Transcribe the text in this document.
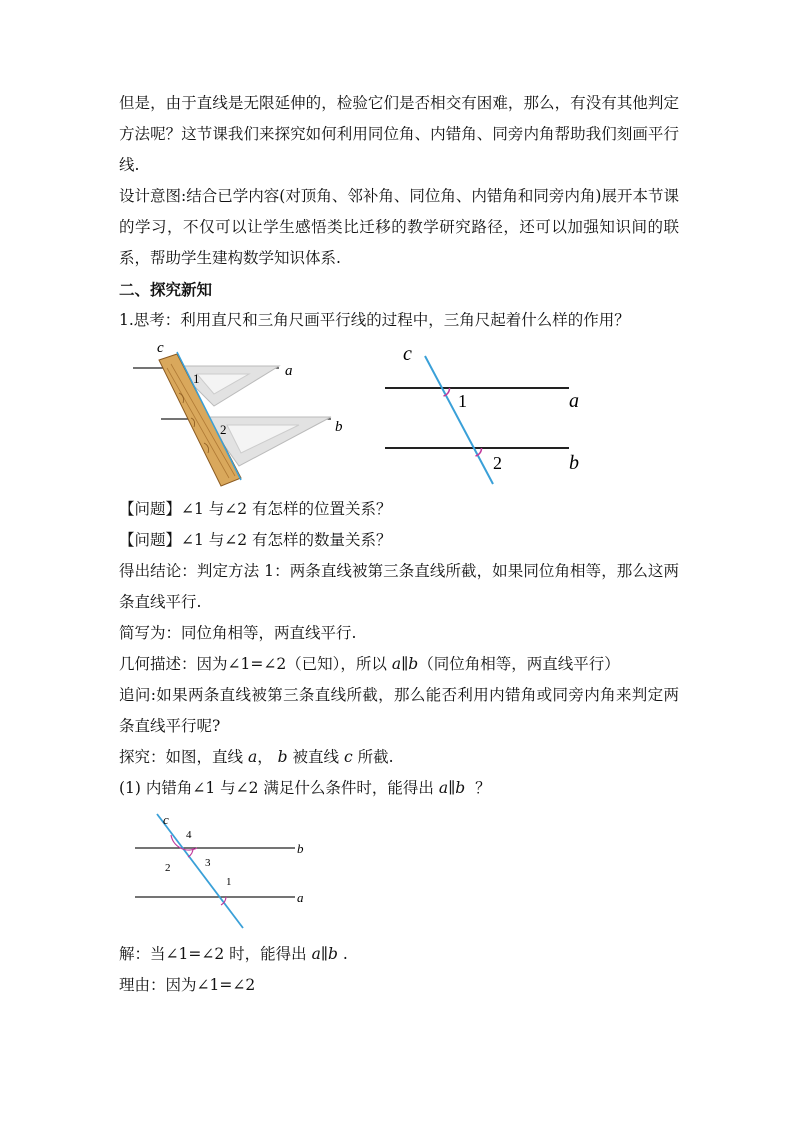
但是，由于直线是无限延伸的，检验它们是否相交有困难，那么，有没有其他判定方法呢？这节课我们来探究如何利用同位角、内错角、同旁内角帮助我们刻画平行线.

设计意图:结合已学内容(对顶角、邻补角、同位角、内错角和同旁内角)展开本节课的学习，不仅可以让学生感悟类比迁移的教学研究路径，还可以加强知识间的联系，帮助学生建构数学知识体系.

二、探究新知

1.思考：利用直尺和三角尺画平行线的过程中，三角尺起着什么样的作用？

c
1	a
2	b
c
1	a
2	b

【问题】∠1 与∠2 有怎样的位置关系？

【问题】∠1 与∠2 有怎样的数量关系？

得出结论：判定方法 1：两条直线被第三条直线所截，如果同位角相等，那么这两条直线平行.

简写为：同位角相等，两直线平行.

几何描述：因为∠1=∠2（已知），所以 a∥b（同位角相等，两直线平行）

追问:如果两条直线被第三条直线所截，那么能否利用内错角或同旁内角来判定两条直线平行呢?

探究：如图，直线 a， b 被直线 c 所截.

(1) 内错角∠1 与∠2 满足什么条件时，能得出 a∥b ？

c
4
b
2	3
1
a

解：当∠1=∠2 时，能得出 a∥b .

理由：因为∠1=∠2
